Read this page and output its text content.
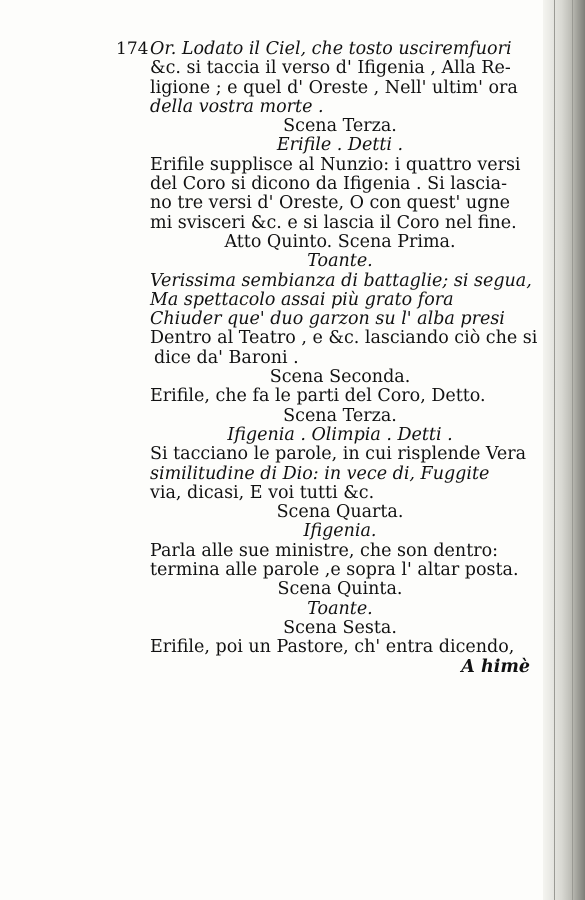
174 Or. Lodato il Ciel, che tosto usciremfuori
&c. si taccia il verso d' Ifigenia , Alla Re-
ligione ; e quel d' Oreste , Nell' ultim' ora
della vostra morte .
Scena Terza.
Erifile . Detti .
Erifile supplisce al Nunzio: i quattro versi
del Coro si dicono da Ifigenia . Si lascia-
no tre versi d' Oreste, O con quest' ugne
mi svisceri &c. e si lascia il Coro nel fine.
Atto Quinto. Scena Prima.
Toante.
Verissima sembianza di battaglie; si segua,
Ma spettacolo assai più grato fora
Chiuder que' duo garzon su l' alba presi
Dentro al Teatro , e &c. lasciando ciò che si
dice da' Baroni .
Scena Seconda.
Erifile, che fa le parti del Coro, Detto.
Scena Terza.
Ifigenia . Olimpia . Detti .
Si tacciano le parole, in cui risplende Vera
similitudine di Dio: in vece di, Fuggite
via, dicasi, E voi tutti &c.
Scena Quarta.
Ifigenia.
Parla alle sue ministre, che son dentro:
termina alle parole ,e sopra l' altar posta.
Scena Quinta.
Toante.
Scena Sesta.
Erifile, poi un Pastore, ch' entra dicendo,
A himè
